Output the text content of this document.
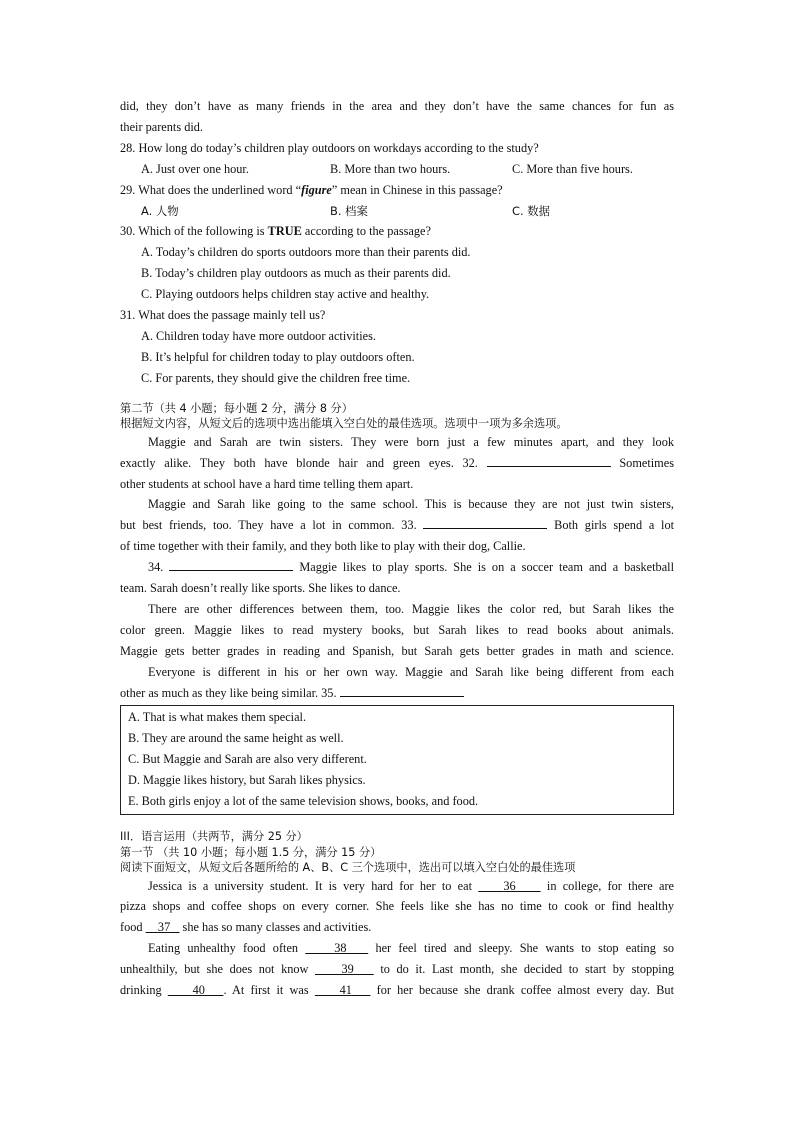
did, they don’t have as many friends in the area and they don’t have the same chances for fun as
their parents did.
28. How long do today’s children play outdoors on workdays according to the study?
A. Just over one hour.	B. More than two hours.	C. More than five hours.
29. What does the underlined word “figure” mean in Chinese in this passage?
A. 人物	B. 档案	C. 数据
30. Which of the following is TRUE according to the passage?
A. Today’s children do sports outdoors more than their parents did.
B. Today’s children play outdoors as much as their parents did.
C. Playing outdoors helps children stay active and healthy.
31. What does the passage mainly tell us?
A. Children today have more outdoor activities.
B. It’s helpful for children today to play outdoors often.
C. For parents, they should give the children free time.
第二节（共 4 小题；每小题 2 分，满分 8 分）
根据短文内容，从短文后的选项中选出能填入空白处的最佳选项。选项中一项为多余选项。
Maggie and Sarah are twin sisters. They were born just a few minutes apart, and they look
exactly alike. They both have blonde hair and green eyes. 32.	Sometimes
other students at school have a hard time telling them apart.
Maggie and Sarah like going to the same school. This is because they are not just twin sisters,
but best friends, too. They have a lot in common. 33.	Both girls spend a lot
of time together with their family, and they both like to play with their dog, Callie.
34.	Maggie likes to play sports. She is on a soccer team and a basketball
team. Sarah doesn’t really like sports. She likes to dance.
There are other differences between them, too. Maggie likes the color red, but Sarah likes the
color green. Maggie likes to read mystery books, but Sarah likes to read books about animals.
Maggie gets better grades in reading and Spanish, but Sarah gets better grades in math and science.
Everyone is different in his or her own way. Maggie and Sarah like being different from each
other as much as they like being similar. 35.
A. That is what makes them special.
B. They are around the same height as well.
C. But Maggie and Sarah are also very different.
D. Maggie likes history, but Sarah likes physics.
E. Both girls enjoy a lot of the same television shows, books, and food.
III．语言运用（共两节，满分 25 分）
第一节 （共 10 小题；每小题 1.5 分，满分 15 分）
阅读下面短文，从短文后各题所给的 A、B、C 三个选项中，选出可以填入空白处的最佳选项
Jessica is a university student. It is very hard for her to eat     36     in college, for there are
pizza shops and coffee shops on every corner. She feels like she has no time to cook or find healthy
food     37    she has so many classes and activities.
Eating unhealthy food often     38    her feel tired and sleepy. She wants to stop eating so
unhealthily, but she does not know     39    to do it. Last month, she decided to start by stopping
drinking     40 . At first it was     41    for her because she drank coffee almost every day. But
